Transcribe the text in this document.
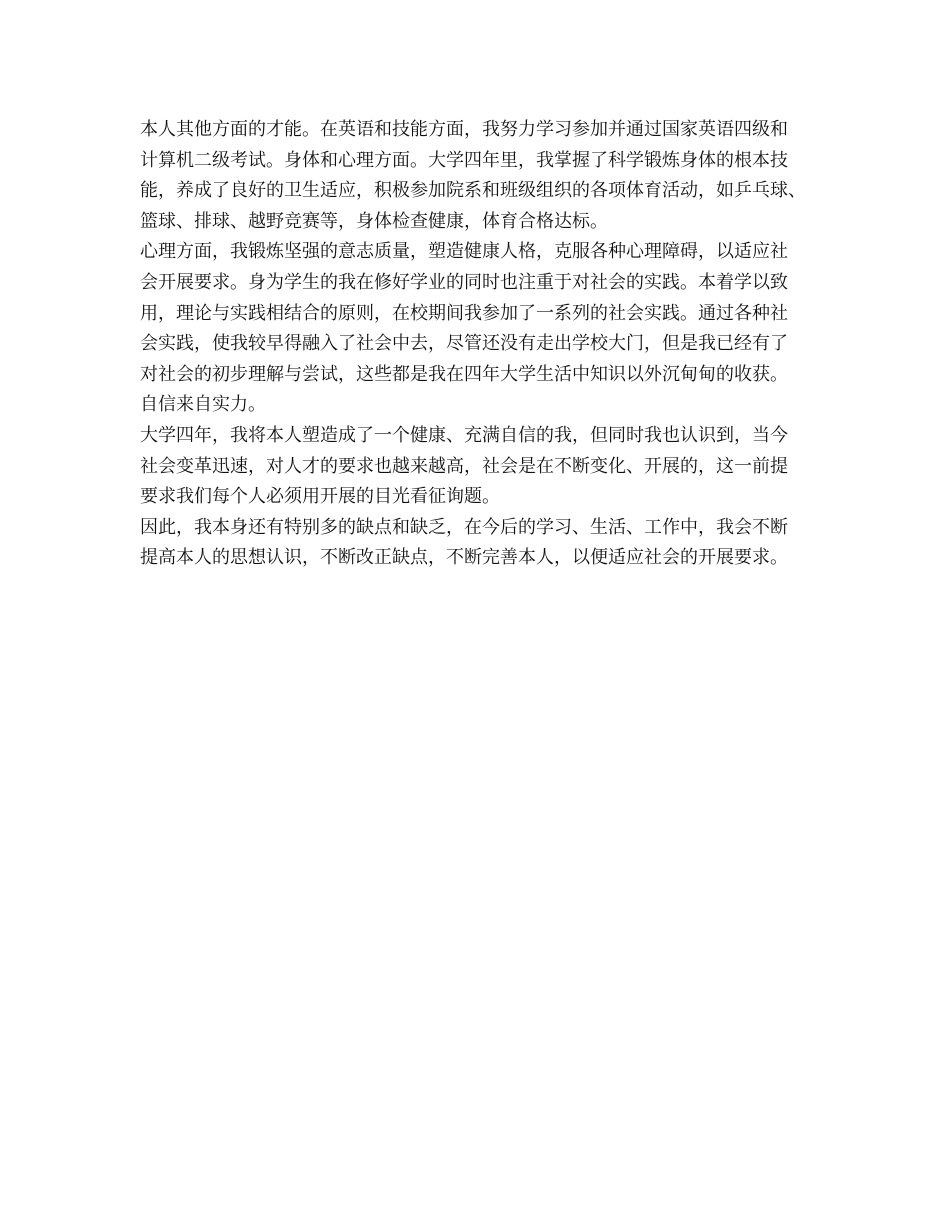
本人其他方面的才能。在英语和技能方面，我努力学习参加并通过国家英语四级和
计算机二级考试。身体和心理方面。大学四年里，我掌握了科学锻炼身体的根本技
能，养成了良好的卫生适应，积极参加院系和班级组织的各项体育活动，如乒乓球、
篮球、排球、越野竞赛等，身体检查健康，体育合格达标。
心理方面，我锻炼坚强的意志质量，塑造健康人格，克服各种心理障碍，以适应社
会开展要求。身为学生的我在修好学业的同时也注重于对社会的实践。本着学以致
用，理论与实践相结合的原则，在校期间我参加了一系列的社会实践。通过各种社
会实践，使我较早得融入了社会中去，尽管还没有走出学校大门，但是我已经有了
对社会的初步理解与尝试，这些都是我在四年大学生活中知识以外沉甸甸的收获。
自信来自实力。
大学四年，我将本人塑造成了一个健康、充满自信的我，但同时我也认识到，当今
社会变革迅速，对人才的要求也越来越高，社会是在不断变化、开展的，这一前提
要求我们每个人必须用开展的目光看征询题。
因此，我本身还有特别多的缺点和缺乏，在今后的学习、生活、工作中，我会不断
提高本人的思想认识，不断改正缺点，不断完善本人，以便适应社会的开展要求。
